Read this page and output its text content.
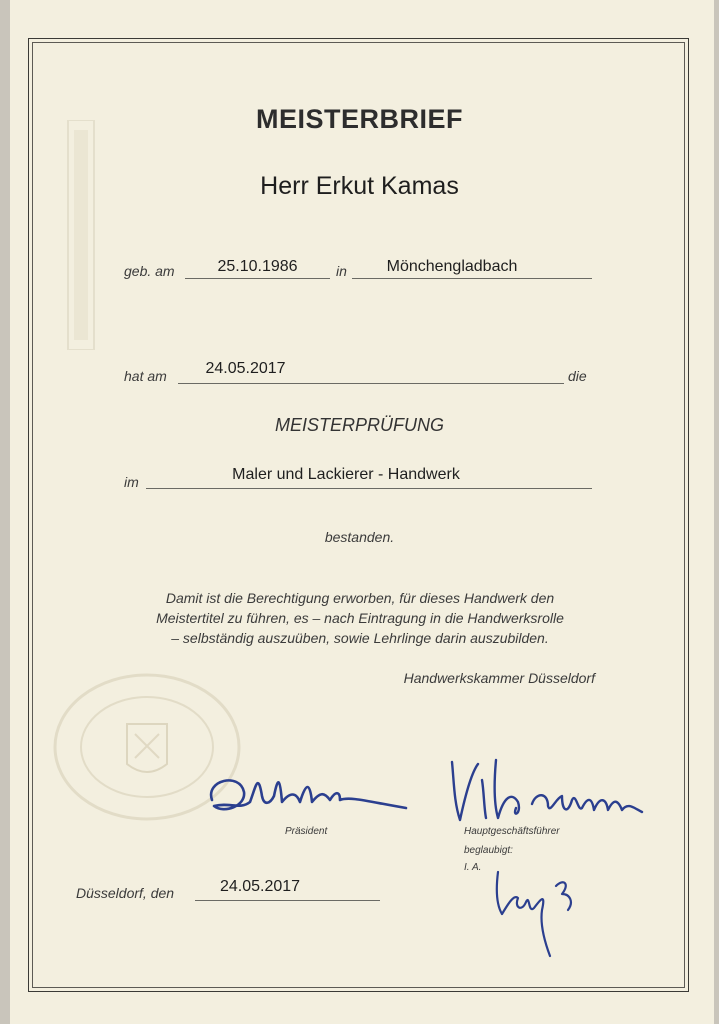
MEISTERBRIEF
Herr Erkut Kamas
geb. am	25.10.1986	in	Mönchengladbach
hat am	24.05.2017	die
MEISTERPRÜFUNG
im	Maler und Lackierer - Handwerk
bestanden.
Damit ist die Berechtigung erworben, für dieses Handwerk den
Meistertitel zu führen, es – nach Eintragung in die Handwerksrolle
– selbständig auszuüben, sowie Lehrlinge darin auszubilden.
Handwerkskammer Düsseldorf
Präsident	Hauptgeschäftsführer
beglaubigt:
I. A.
Düsseldorf, den	24.05.2017
